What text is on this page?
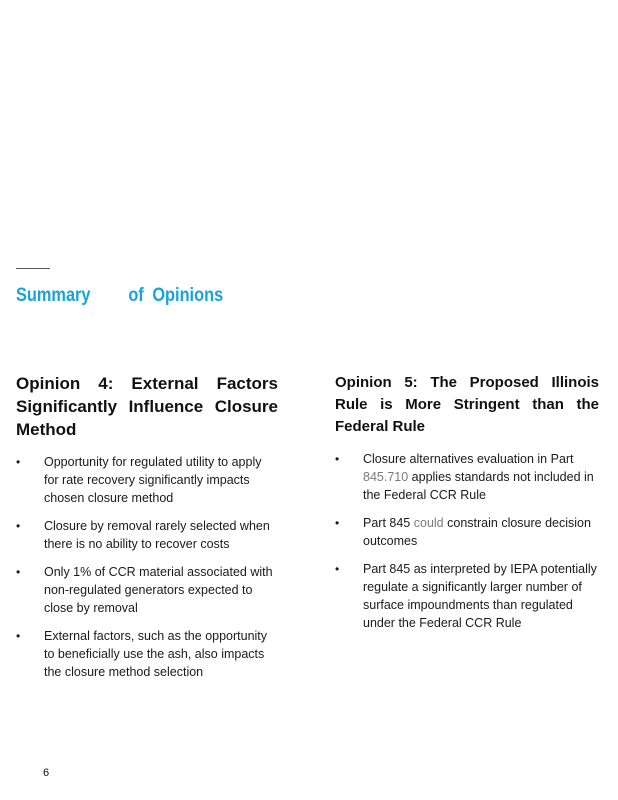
Summary of Opinions
Opinion 4: External Factors Significantly Influence Closure Method
• Opportunity for regulated utility to apply for rate recovery significantly impacts chosen closure method
• Closure by removal rarely selected when there is no ability to recover costs
• Only 1% of CCR material associated with non-regulated generators expected to close by removal
• External factors, such as the opportunity to beneficially use the ash, also impacts the closure method selection
Opinion 5: The Proposed Illinois Rule is More Stringent than the Federal Rule
• Closure alternatives evaluation in Part 845.710 applies standards not included in the Federal CCR Rule
• Part 845 could constrain closure decision outcomes
• Part 845 as interpreted by IEPA potentially regulate a significantly larger number of surface impoundments than regulated under the Federal CCR Rule
6
